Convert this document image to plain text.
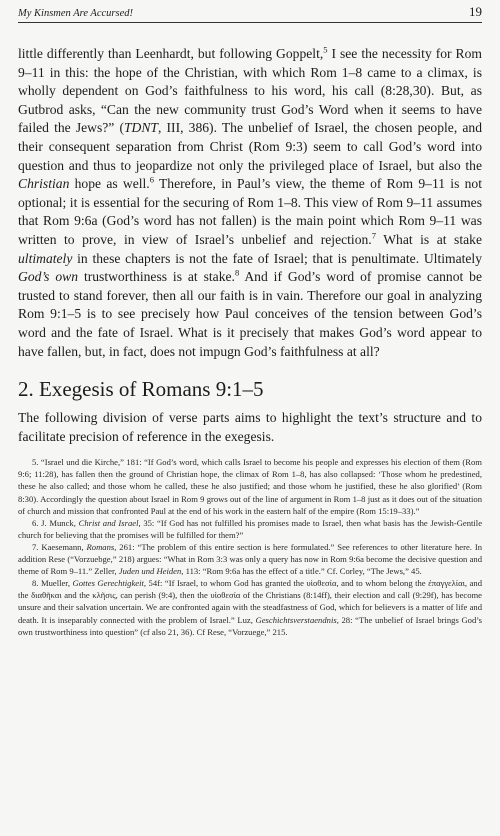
My Kinsmen Are Accursed!	19

little differently than Leenhardt, but following Goppelt,$^5$ I see the necessity for Rom 9–11 in this: the hope of the Christian, with which Rom 1–8 came to a climax, is wholly dependent on God’s faithfulness to his word, his call (8:28,30). But, as Gutbrod asks, “Can the new community trust God’s Word when it seems to have failed the Jews?” (TDNT, III, 386). The unbelief of Israel, the chosen people, and their consequent separation from Christ (Rom 9:3) seem to call God’s word into question and thus to jeopardize not only the privileged place of Israel, but also the Christian hope as well.$^6$ Therefore, in Paul’s view, the theme of Rom 9–11 is not optional; it is essential for the securing of Rom 1–8. This view of Rom 9–11 assumes that Rom 9:6a (God’s word has not fallen) is the main point which Rom 9–11 was written to prove, in view of Israel’s unbelief and rejection.$^7$ What is at stake ultimately in these chapters is not the fate of Israel; that is penultimate. Ultimately God’s own trustworthiness is at stake.$^8$ And if God’s word of promise cannot be trusted to stand forever, then all our faith is in vain. Therefore our goal in analyzing Rom 9:1–5 is to see precisely how Paul conceives of the tension between God’s word and the fate of Israel. What is it precisely that makes God’s word appear to have fallen, but, in fact, does not impugn God’s faithfulness at all?

2. Exegesis of Romans 9:1–5

The following division of verse parts aims to highlight the text’s structure and to facilitate precision of reference in the exegesis.

5. “Israel und die Kirche,” 181: “If God’s word, which calls Israel to become his people and expresses his election of them (Rom 9:6; 11:28), has fallen then the ground of Christian hope, the climax of Rom 1–8, has also collapsed: ‘Those whom he predestined, these he also called; and those whom he called, these he also justified; and those whom he justified, these he also glorified’ (Rom 8:30). Accordingly the question about Israel in Rom 9 grows out of the line of argument in Rom 1–8 just as it does out of the situation of church and mission that confronted Paul at the end of his work in the eastern half of the empire (Rom 15:19–33).”

6. J. Munck, Christ and Israel, 35: “If God has not fulfilled his promises made to Israel, then what basis has the Jewish-Gentile church for believing that the promises will be fulfilled for them?”

7. Kaesemann, Romans, 261: “The problem of this entire section is here formulated.” See references to other literature here. In addition Rese (“Vorzuebge,” 218) argues: “What in Rom 3:3 was only a query has now in Rom 9:6a become the decisive question and theme of Rom 9–11.” Zeller, Juden und Heiden, 113: “Rom 9:6a has the effect of a title.” Cf. Corley, “The Jews,” 45.

8. Mueller, Gottes Gerechtigkeit, 54f: “If Israel, to whom God has granted the υἱοθεσία, and to whom belong the ἐπαγγελίαι, and the διαθῆκαι and the κλῆσις, can perish (9:4), then the υἱοθεσία of the Christians (8:14ff), their election and call (9:29f), has become unsure and their salvation uncertain. We are confronted again with the steadfastness of God, which for believers is a matter of life and death. It is inseparably connected with the problem of Israel.” Luz, Geschichtsverstaendnis, 28: “The unbelief of Israel brings God’s own trustworthiness into question” (cf also 21, 36). Cf Rese, “Vorzuege,” 215.
